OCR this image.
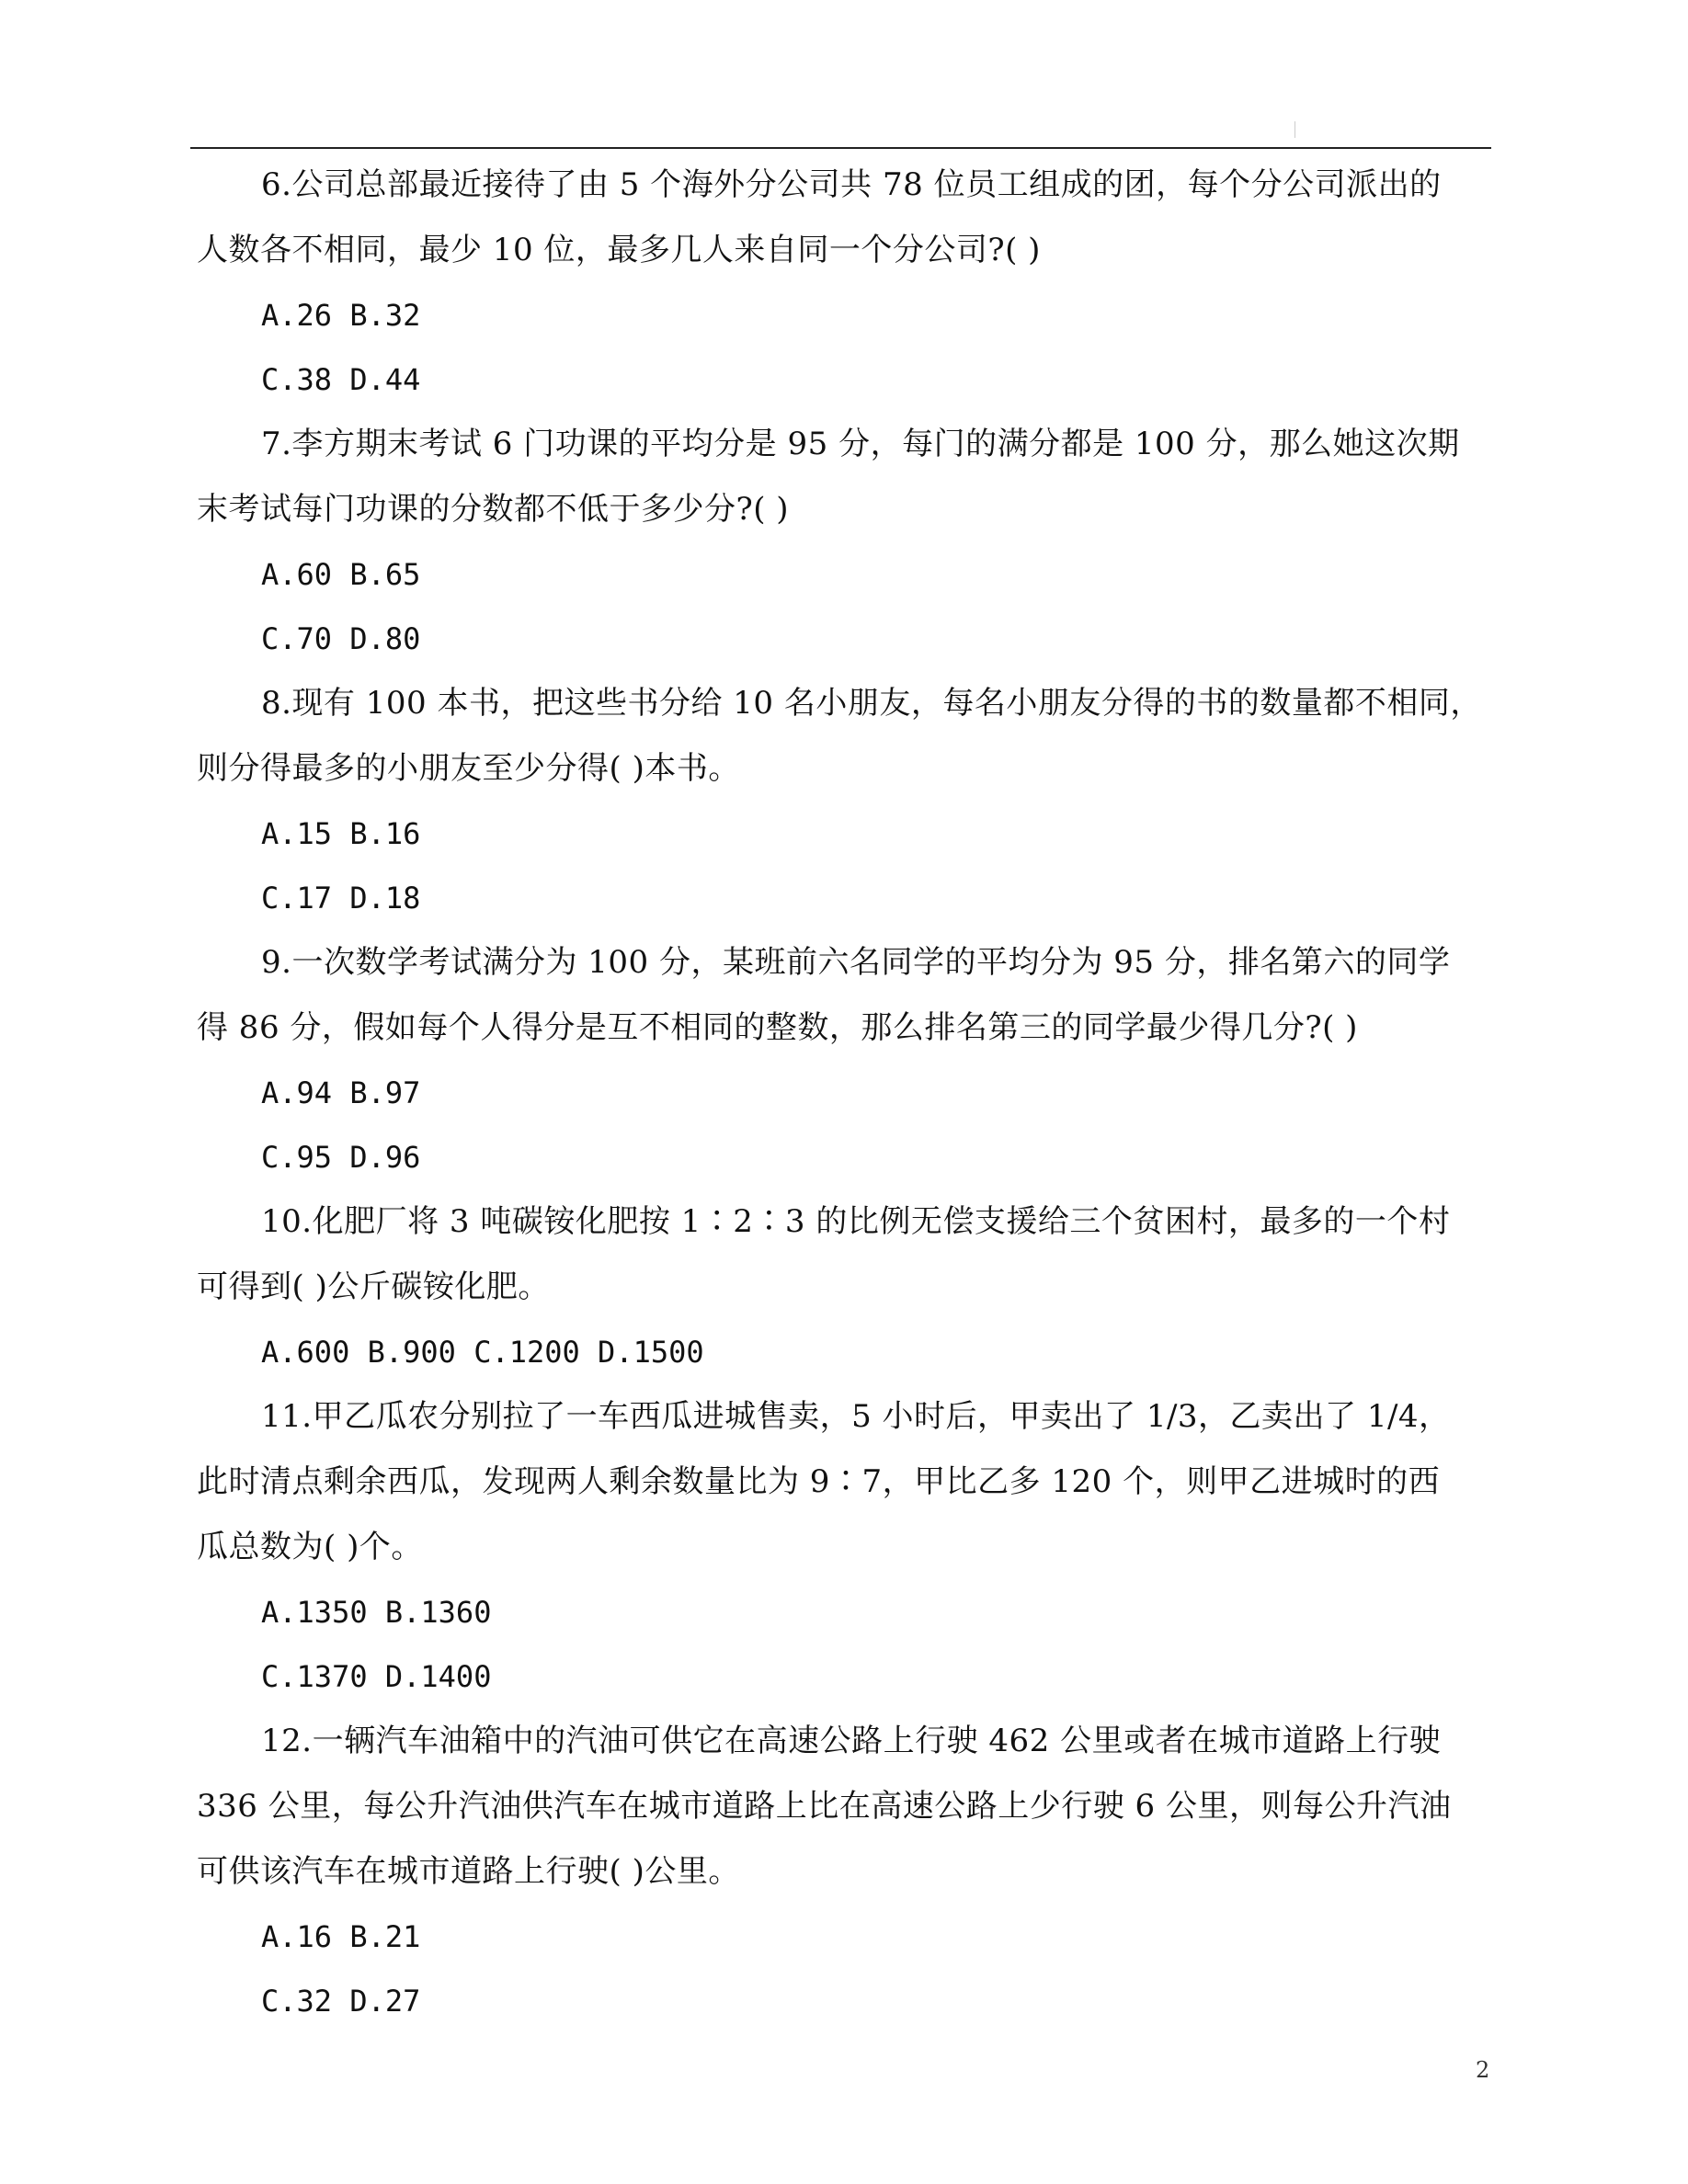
6.公司总部最近接待了由 5 个海外分公司共 78 位员工组成的团，每个分公司派出的
人数各不相同，最少 10 位，最多几人来自同一个分公司?( )
A.26 B.32
C.38 D.44
7.李方期末考试 6 门功课的平均分是 95 分，每门的满分都是 100 分，那么她这次期
末考试每门功课的分数都不低于多少分?( )
A.60 B.65
C.70 D.80
8.现有 100 本书，把这些书分给 10 名小朋友，每名小朋友分得的书的数量都不相同，
则分得最多的小朋友至少分得( )本书。
A.15 B.16
C.17 D.18
9.一次数学考试满分为 100 分，某班前六名同学的平均分为 95 分，排名第六的同学
得 86 分，假如每个人得分是互不相同的整数，那么排名第三的同学最少得几分?( )
A.94 B.97
C.95 D.96
10.化肥厂将 3 吨碳铵化肥按 1∶2∶3 的比例无偿支援给三个贫困村，最多的一个村
可得到( )公斤碳铵化肥。
A.600 B.900 C.1200 D.1500
11.甲乙瓜农分别拉了一车西瓜进城售卖，5 小时后，甲卖出了 1/3，乙卖出了 1/4，
此时清点剩余西瓜，发现两人剩余数量比为 9∶7，甲比乙多 120 个，则甲乙进城时的西
瓜总数为( )个。
A.1350 B.1360
C.1370 D.1400
12.一辆汽车油箱中的汽油可供它在高速公路上行驶 462 公里或者在城市道路上行驶
336 公里，每公升汽油供汽车在城市道路上比在高速公路上少行驶 6 公里，则每公升汽油
可供该汽车在城市道路上行驶( )公里。
A.16 B.21
C.32 D.27
2
